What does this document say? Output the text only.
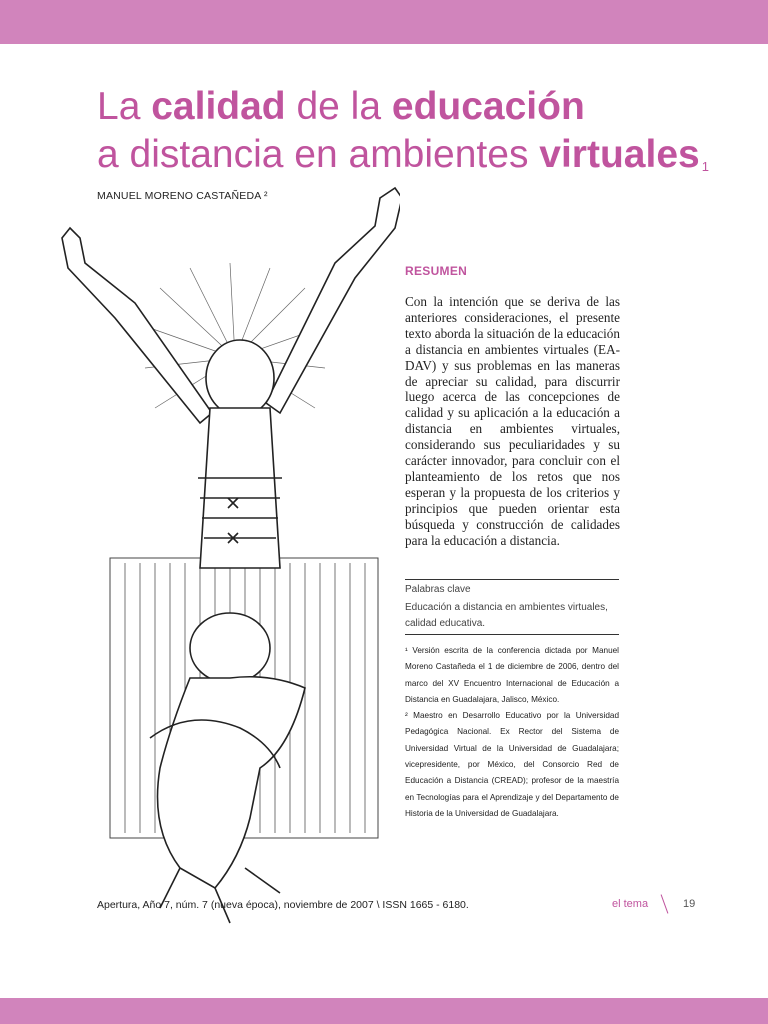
La calidad de la educación
a distancia en ambientes virtuales $^1$
MANUEL MORENO CASTAÑEDA ²
RESUMEN

Con la intención que se deriva de las anteriores consideraciones, el presente texto aborda la situación de la educación a distancia en ambientes virtuales (EA-DAV) y sus problemas en las maneras de apreciar su calidad, para discurrir luego acerca de las concepciones de calidad y su aplicación a la educación a distancia en ambientes virtuales, considerando sus peculiaridades y su carácter innovador, para concluir con el planteamiento de los retos que nos esperan y la propuesta de los criterios y principios que pueden orientar esta búsqueda y construcción de calidades para la educación a distancia.

Palabras clave
Educación a distancia en ambientes virtuales, calidad educativa.

¹ Versión escrita de la conferencia dictada por Manuel Moreno Castañeda el 1 de diciembre de 2006, dentro del marco del XV Encuentro Internacional de Educación a Distancia en Guadalajara, Jalisco, México.

² Maestro en Desarrollo Educativo por la Universidad Pedagógica Nacional. Ex Rector del Sistema de Universidad Virtual de la Universidad de Guadalajara; vicepresidente, por México, del Consorcio Red de Educación a Distancia (CREAD); profesor de la maestría en Tecnologías para el Aprendizaje y del Departamento de Historia de la Universidad de Guadalajara.

Apertura, Año 7, núm. 7 (nueva época), noviembre de 2007 \ ISSN 1665 - 6180.	el tema	19
